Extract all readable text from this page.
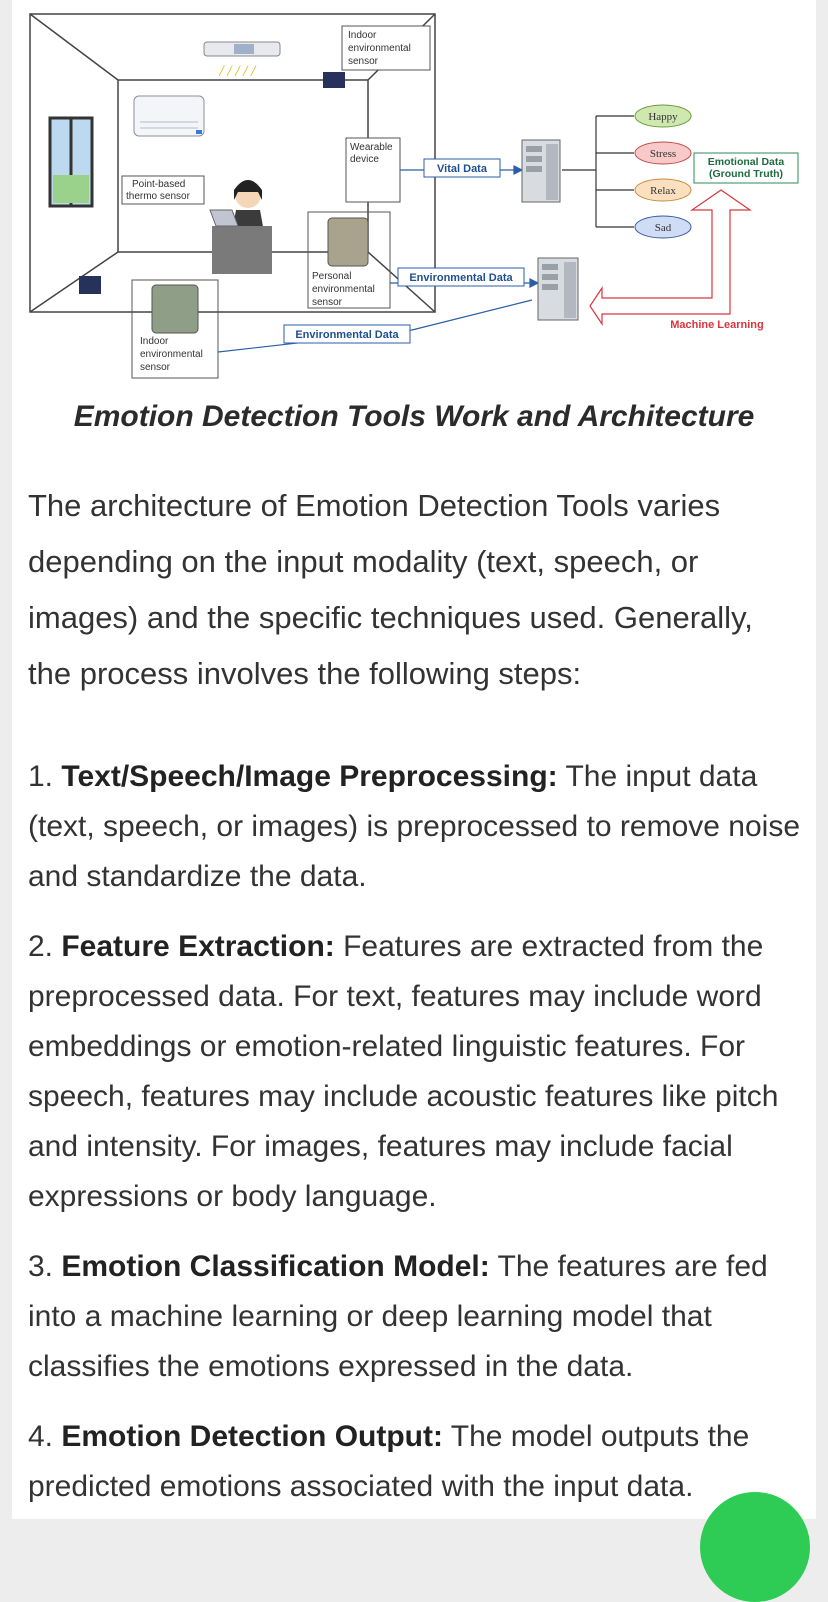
╱ ╱ ╱ ╱ ╱
Indoor environmental sensor
Wearable device
Point-based thermo sensor
Personal environmental sensor
Indoor environmental sensor
Vital Data
Environmental Data
Environmental Data
Happy
Stress
Relax
Sad
Emotional Data (Ground Truth)
Machine Learning
Emotion Detection Tools Work and Architecture

The architecture of Emotion Detection Tools varies depending on the input modality (text, speech, or images) and the specific techniques used. Generally, the process involves the following steps:

1. Text/Speech/Image Preprocessing: The input data (text, speech, or images) is preprocessed to remove noise and standardize the data.

2. Feature Extraction: Features are extracted from the preprocessed data. For text, features may include word embeddings or emotion-related linguistic features. For speech, features may include acoustic features like pitch and intensity. For images, features may include facial expressions or body language.

3. Emotion Classification Model: The features are fed into a machine learning or deep learning model that classifies the emotions expressed in the data.

4. Emotion Detection Output: The model outputs the predicted emotions associated with the input data.
